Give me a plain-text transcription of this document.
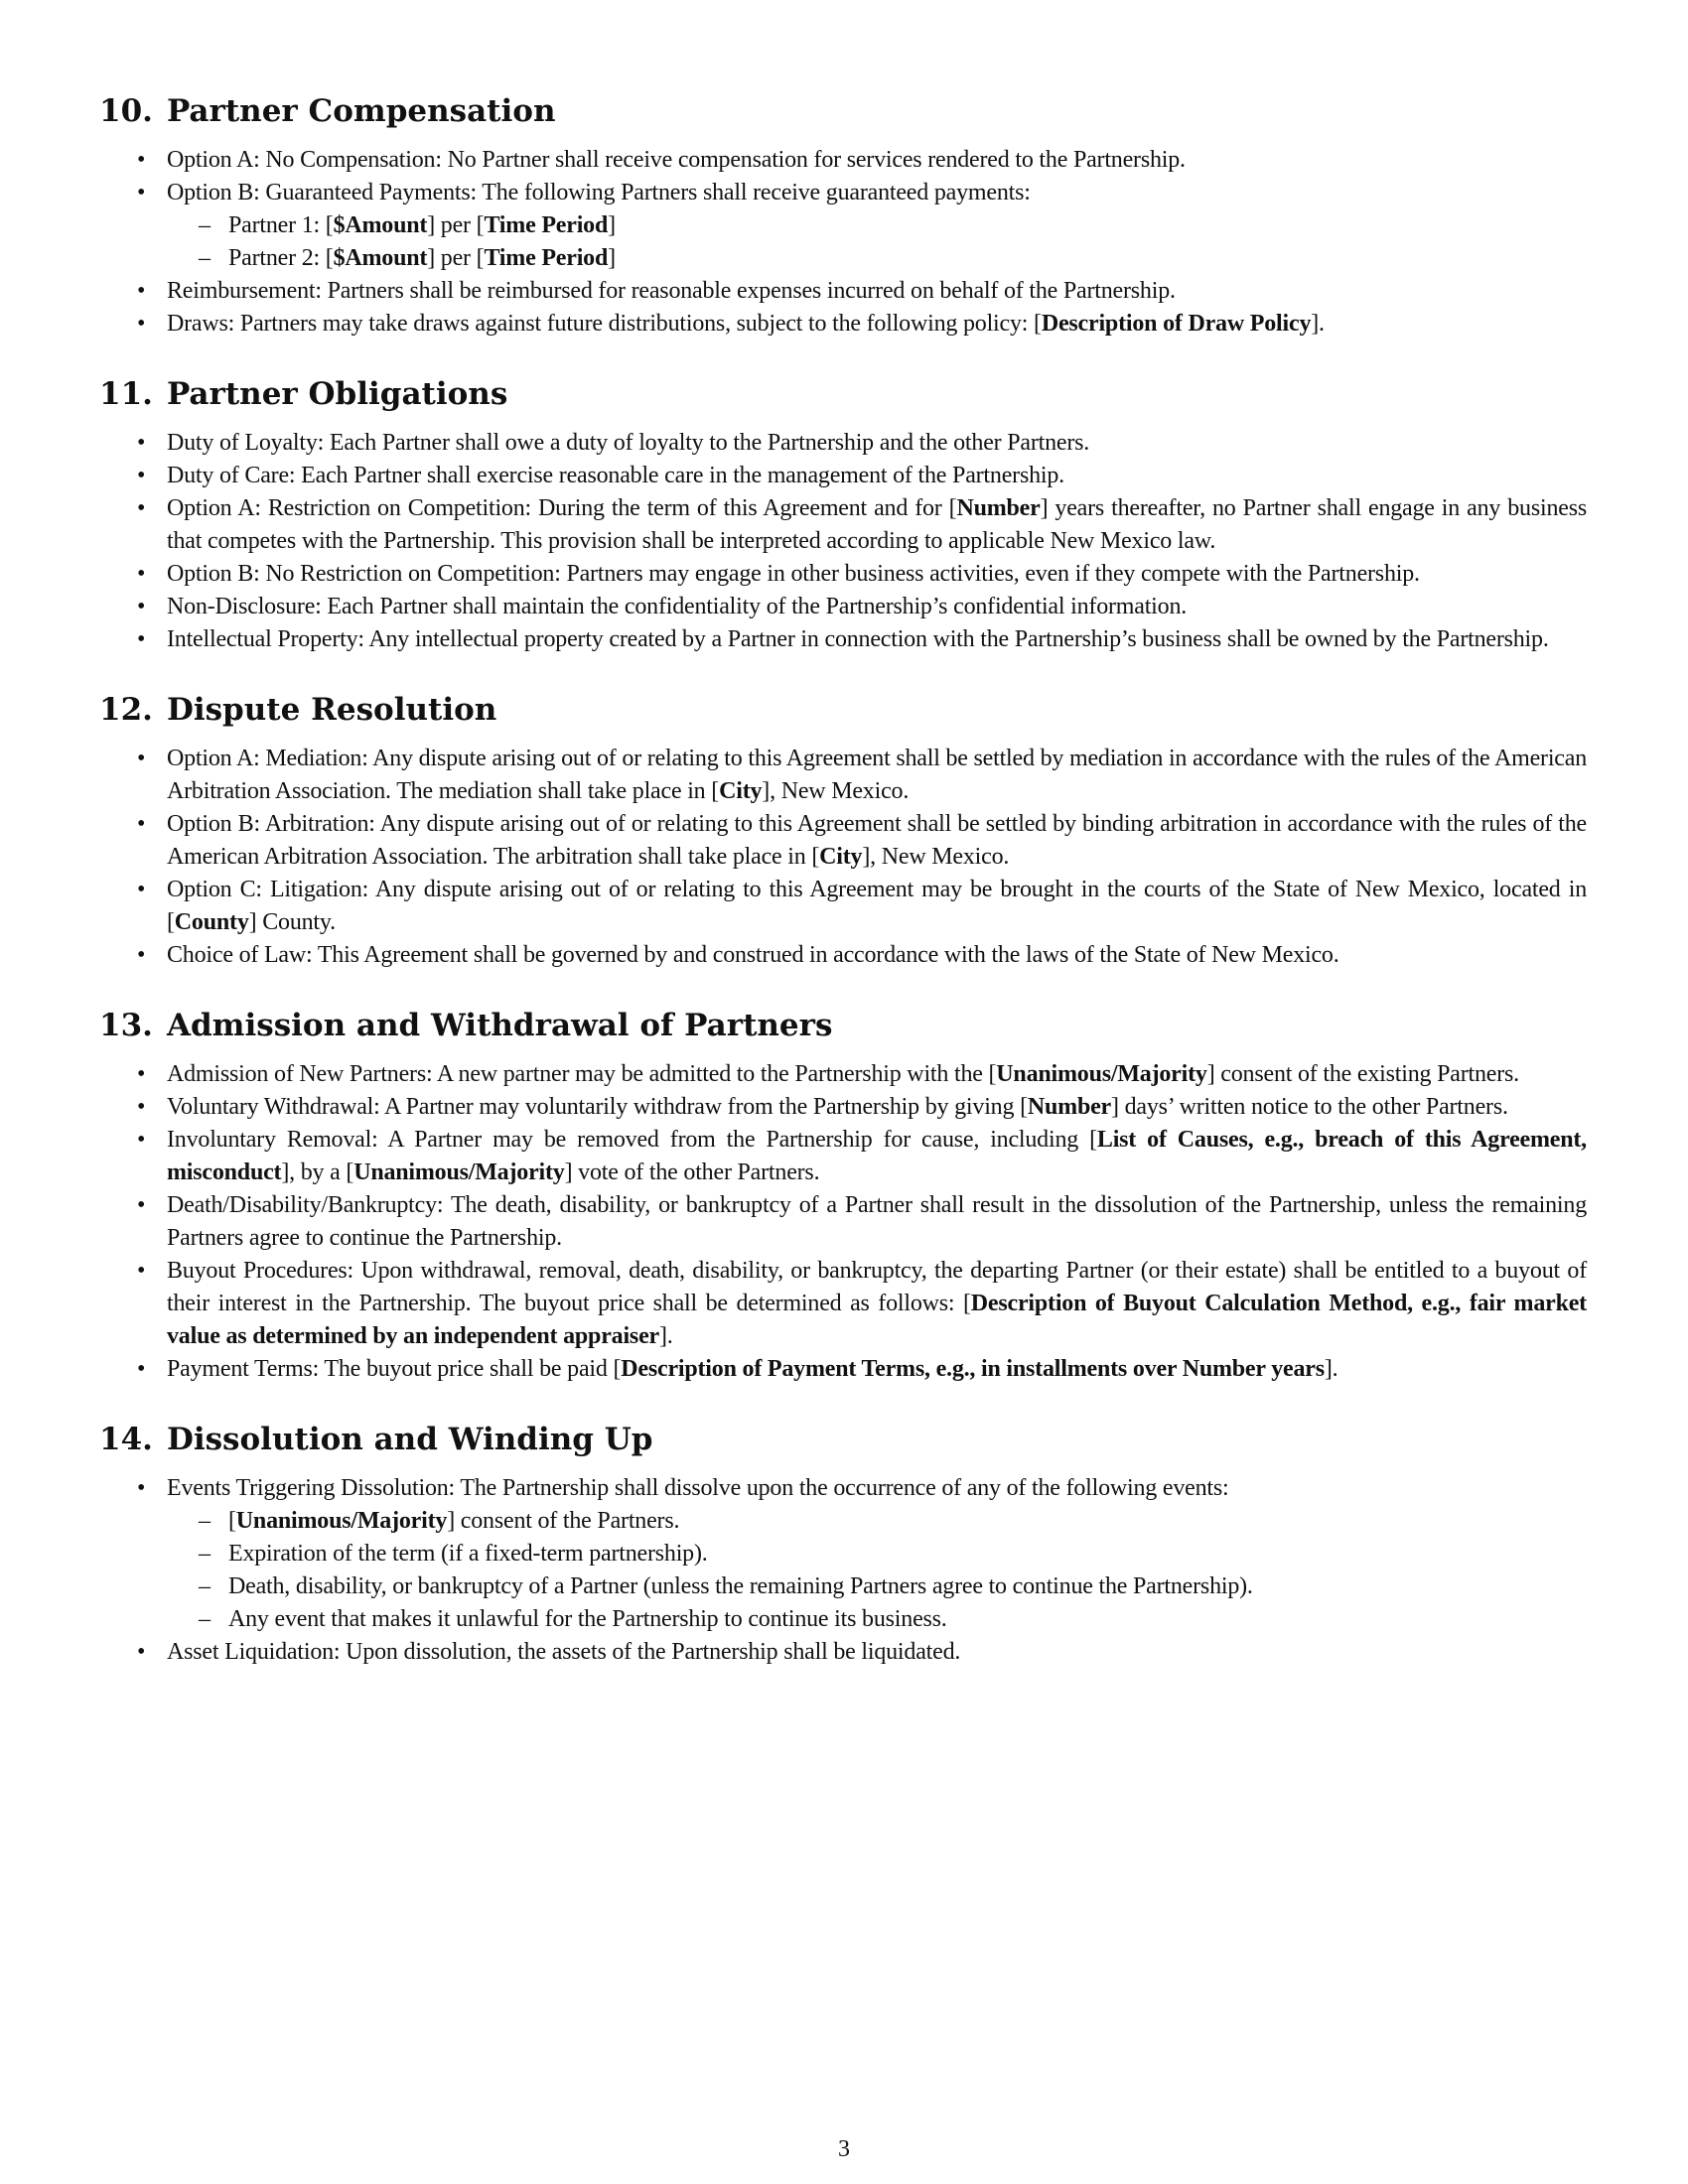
10. Partner Compensation
• Option A: No Compensation: No Partner shall receive compensation for services rendered to the Partnership.
• Option B: Guaranteed Payments: The following Partners shall receive guaranteed payments:
– Partner 1: [$Amount] per [Time Period]
– Partner 2: [$Amount] per [Time Period]
• Reimbursement: Partners shall be reimbursed for reasonable expenses incurred on behalf of the Partnership.
• Draws: Partners may take draws against future distributions, subject to the following policy: [Description of Draw Policy].
11. Partner Obligations
• Duty of Loyalty: Each Partner shall owe a duty of loyalty to the Partnership and the other Partners.
• Duty of Care: Each Partner shall exercise reasonable care in the management of the Partnership.
• Option A: Restriction on Competition: During the term of this Agreement and for [Number] years thereafter, no Partner shall engage in any business that competes with the Partnership. This provision shall be interpreted according to applicable New Mexico law.
• Option B: No Restriction on Competition: Partners may engage in other business activities, even if they compete with the Partnership.
• Non-Disclosure: Each Partner shall maintain the confidentiality of the Partnership’s confidential information.
• Intellectual Property: Any intellectual property created by a Partner in connection with the Partnership’s business shall be owned by the Partnership.
12. Dispute Resolution
• Option A: Mediation: Any dispute arising out of or relating to this Agreement shall be settled by mediation in accordance with the rules of the American Arbitration Association. The mediation shall take place in [City], New Mexico.
• Option B: Arbitration: Any dispute arising out of or relating to this Agreement shall be settled by binding arbitration in accordance with the rules of the American Arbitration Association. The arbitration shall take place in [City], New Mexico.
• Option C: Litigation: Any dispute arising out of or relating to this Agreement may be brought in the courts of the State of New Mexico, located in [County] County.
• Choice of Law: This Agreement shall be governed by and construed in accordance with the laws of the State of New Mexico.
13. Admission and Withdrawal of Partners
• Admission of New Partners: A new partner may be admitted to the Partnership with the [Unanimous/Majority] consent of the existing Partners.
• Voluntary Withdrawal: A Partner may voluntarily withdraw from the Partnership by giving [Number] days’ written notice to the other Partners.
• Involuntary Removal: A Partner may be removed from the Partnership for cause, including [List of Causes, e.g., breach of this Agreement, misconduct], by a [Unanimous/Majority] vote of the other Partners.
• Death/Disability/Bankruptcy: The death, disability, or bankruptcy of a Partner shall result in the dissolution of the Partnership, unless the remaining Partners agree to continue the Partnership.
• Buyout Procedures: Upon withdrawal, removal, death, disability, or bankruptcy, the departing Partner (or their estate) shall be entitled to a buyout of their interest in the Partnership. The buyout price shall be determined as follows: [Description of Buyout Calculation Method, e.g., fair market value as determined by an independent appraiser].
• Payment Terms: The buyout price shall be paid [Description of Payment Terms, e.g., in installments over Number years].
14. Dissolution and Winding Up
• Events Triggering Dissolution: The Partnership shall dissolve upon the occurrence of any of the following events:
– [Unanimous/Majority] consent of the Partners.
– Expiration of the term (if a fixed-term partnership).
– Death, disability, or bankruptcy of a Partner (unless the remaining Partners agree to continue the Partnership).
– Any event that makes it unlawful for the Partnership to continue its business.
• Asset Liquidation: Upon dissolution, the assets of the Partnership shall be liquidated.
3
